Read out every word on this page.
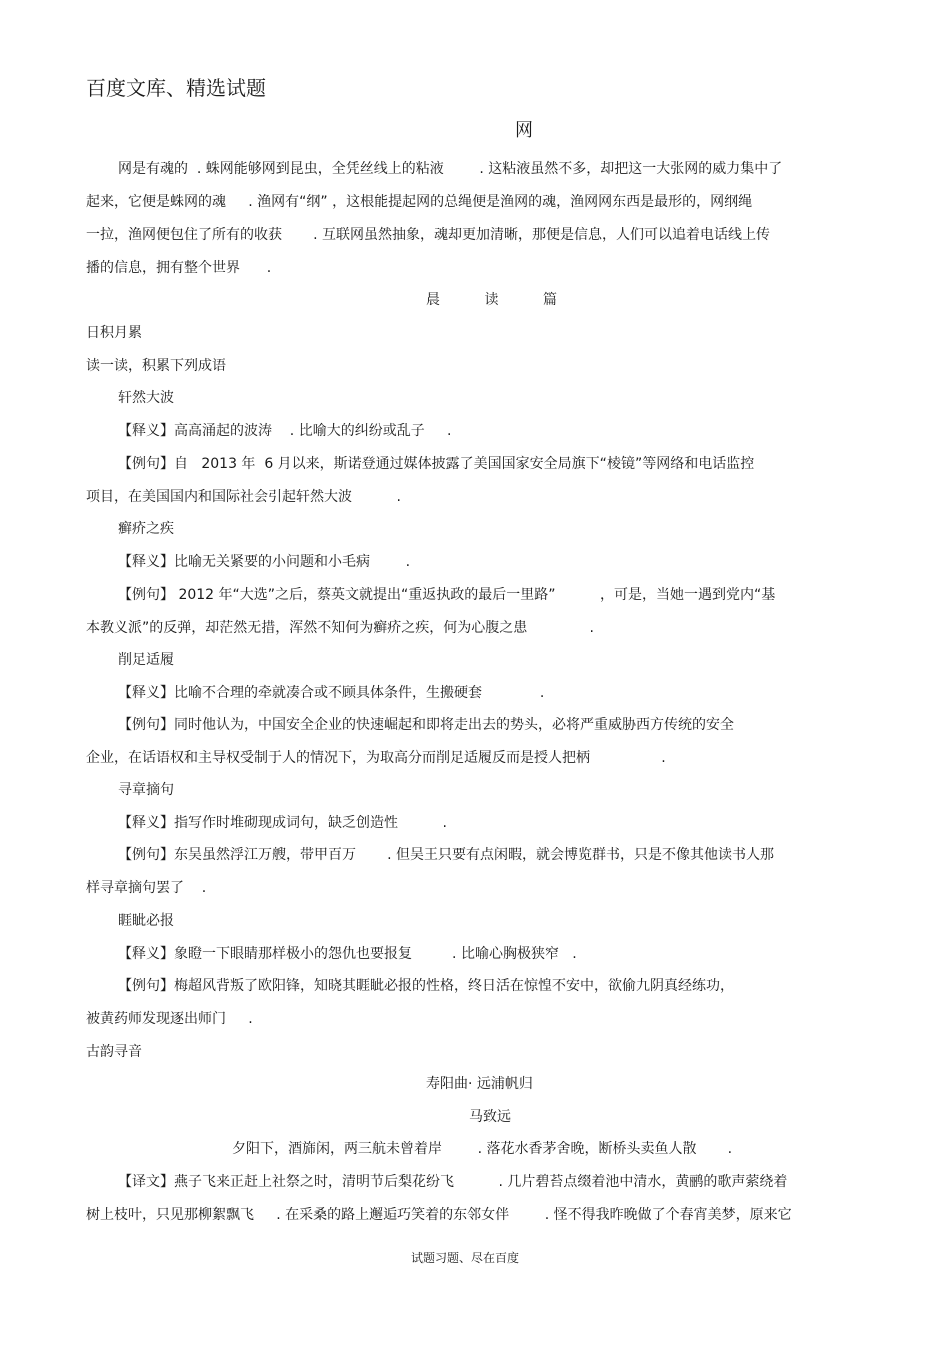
百度文库、精选试题
网
网是有魂的  . 蛛网能够网到昆虫，全凭丝线上的粘液        . 这粘液虽然不多，却把这一大张网的威力集中了
起来，它便是蛛网的魂     . 渔网有“纲” ，这根能提起网的总绳便是渔网的魂，渔网网东西是最形的，网纲绳
一拉，渔网便包住了所有的收获       . 互联网虽然抽象，魂却更加清晰，那便是信息，人们可以追着电话线上传
播的信息，拥有整个世界      .
晨          读          篇
日积月累
读一读，积累下列成语
轩然大波
【释义】高高涌起的波涛    . 比喻大的纠纷或乱子     .
【例句】自   2013 年  6 月以来，斯诺登通过媒体披露了美国国家安全局旗下“棱镜”等网络和电话监控
项目，在美国国内和国际社会引起轩然大波          .
癣疥之疾
【释义】比喻无关紧要的小问题和小毛病        .
【例句】 2012 年“大选”之后，蔡英文就提出“重返执政的最后一里路”          ，可是，当她一遇到党内“基
本教义派”的反弹，却茫然无措，浑然不知何为癣疥之疾，何为心腹之患              .
削足适履
【释义】比喻不合理的牵就凑合或不顾具体条件，生搬硬套             .
【例句】同时他认为，中国安全企业的快速崛起和即将走出去的势头，必将严重威胁西方传统的安全
企业，在话语权和主导权受制于人的情况下，为取高分而削足适履反而是授人把柄                .
寻章摘句
【释义】指写作时堆砌现成词句，缺乏创造性          .
【例句】东吴虽然浮江万艘，带甲百万       . 但吴王只要有点闲暇，就会博览群书，只是不像其他读书人那
样寻章摘句罢了    .
睚眦必报
【释义】象瞪一下眼睛那样极小的怨仇也要报复         . 比喻心胸极狭窄   .
【例句】梅超风背叛了欧阳锋，知晓其睚眦必报的性格，终日活在惊惶不安中，欲偷九阴真经练功，
被黄药师发现逐出师门     .
古韵寻音
寿阳曲· 远浦帆归
马致远
夕阳下，酒旆闲，两三航未曾着岸        . 落花水香茅舍晚，断桥头卖鱼人散       .
【译文】燕子飞来正赶上社祭之时，清明节后梨花纷飞          . 几片碧苔点缀着池中清水，黄鹂的歌声萦绕着
树上枝叶，只见那柳絮飘飞     . 在采桑的路上邂逅巧笑着的东邻女伴        . 怪不得我昨晚做了个春宵美梦，原来它
试题习题、尽在百度
